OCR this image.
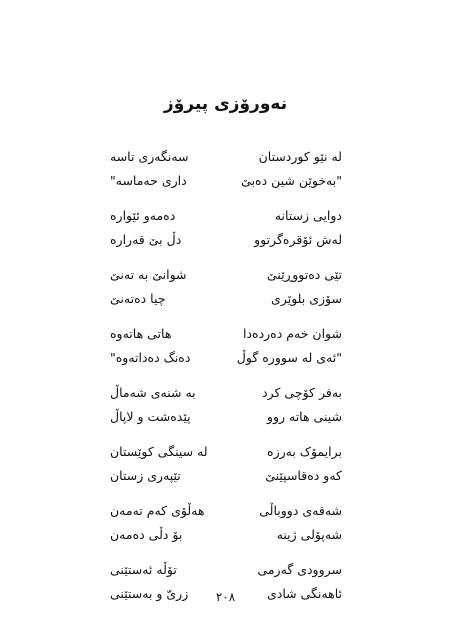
نەورۆزی پیرۆز
لە نێو کوردستان
سەنگەری تاسە
"بەخوێن شین دەبێ
داری حەماسە"
دوایی زستانە
دەمەو ئێوارە
لەش ئۆقرەگرتوو
دڵ بێ قەرارە
تێی دەتووڕێنێ
شوانێ بە تەنێ
سۆزی بلوێری
چیا دەتەنێ
شوان خەم دەردەدا
هاتی هاتەوە
"ئەی لە سوورە گوڵ
دەنگ دەداتەوە"
بەفر کۆچی کرد
بە شنەی شەماڵ
شینی هاتە روو
پێدەشت و لاپاڵ
برایمۆک بەرزە
لە سینگی کوێستان
کەو دەقاسپێنێ
تێپەری زستان
شەقەی دووباڵی
هەڵۆی کەم تەمەن
شەپۆلی ژینە
بۆ دڵی دەمەن
سروودی گەرمی
تۆڵە ئەستێنی
ئاهەنگی شادی
زریّ و بەستێنی	٢٠٨
